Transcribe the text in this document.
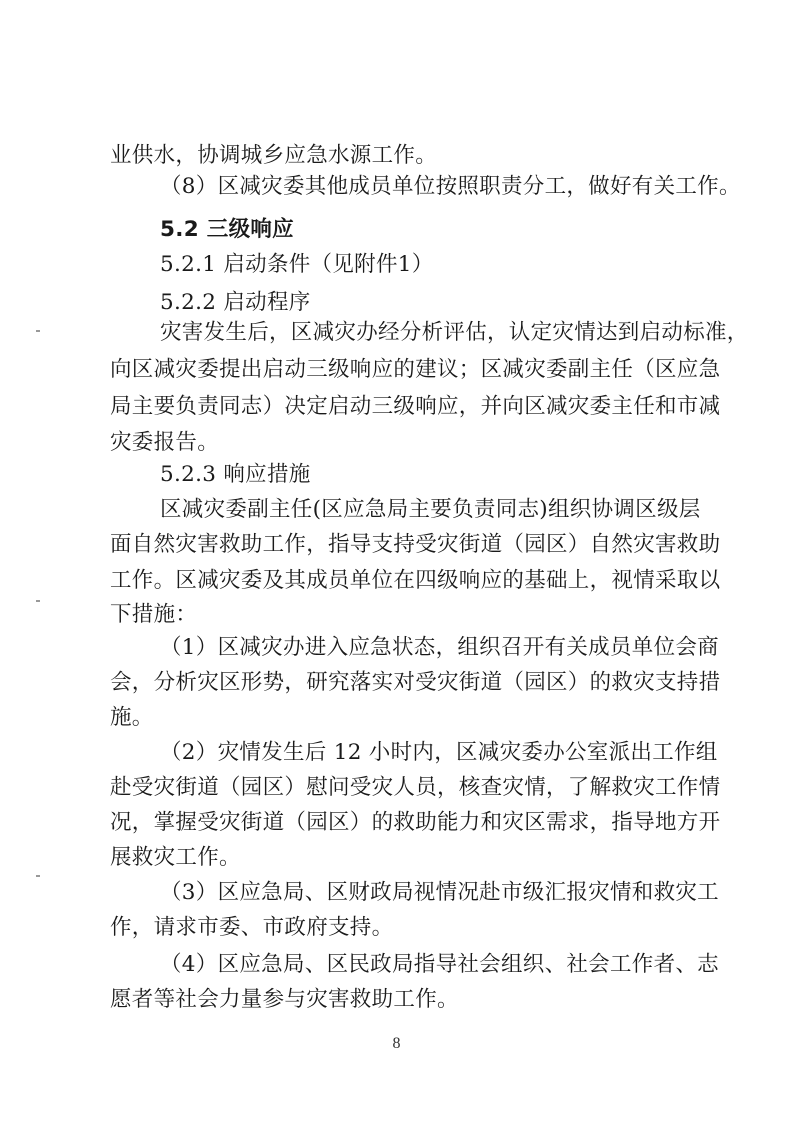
业供水，协调城乡应急水源工作。
（8）区减灾委其他成员单位按照职责分工，做好有关工作。
5.2 三级响应
5.2.1 启动条件（见附件1）
5.2.2 启动程序
灾害发生后，区减灾办经分析评估，认定灾情达到启动标准，
向区减灾委提出启动三级响应的建议；区减灾委副主任（区应急
局主要负责同志）决定启动三级响应，并向区减灾委主任和市减
灾委报告。
5.2.3 响应措施
区减灾委副主任(区应急局主要负责同志)组织协调区级层
面自然灾害救助工作，指导支持受灾街道（园区）自然灾害救助
工作。区减灾委及其成员单位在四级响应的基础上，视情采取以
下措施：
（1）区减灾办进入应急状态，组织召开有关成员单位会商
会，分析灾区形势，研究落实对受灾街道（园区）的救灾支持措
施。
（2）灾情发生后 12 小时内，区减灾委办公室派出工作组
赴受灾街道（园区）慰问受灾人员，核查灾情，了解救灾工作情
况，掌握受灾街道（园区）的救助能力和灾区需求，指导地方开
展救灾工作。
（3）区应急局、区财政局视情况赴市级汇报灾情和救灾工
作，请求市委、市政府支持。
（4）区应急局、区民政局指导社会组织、社会工作者、志
愿者等社会力量参与灾害救助工作。
8
